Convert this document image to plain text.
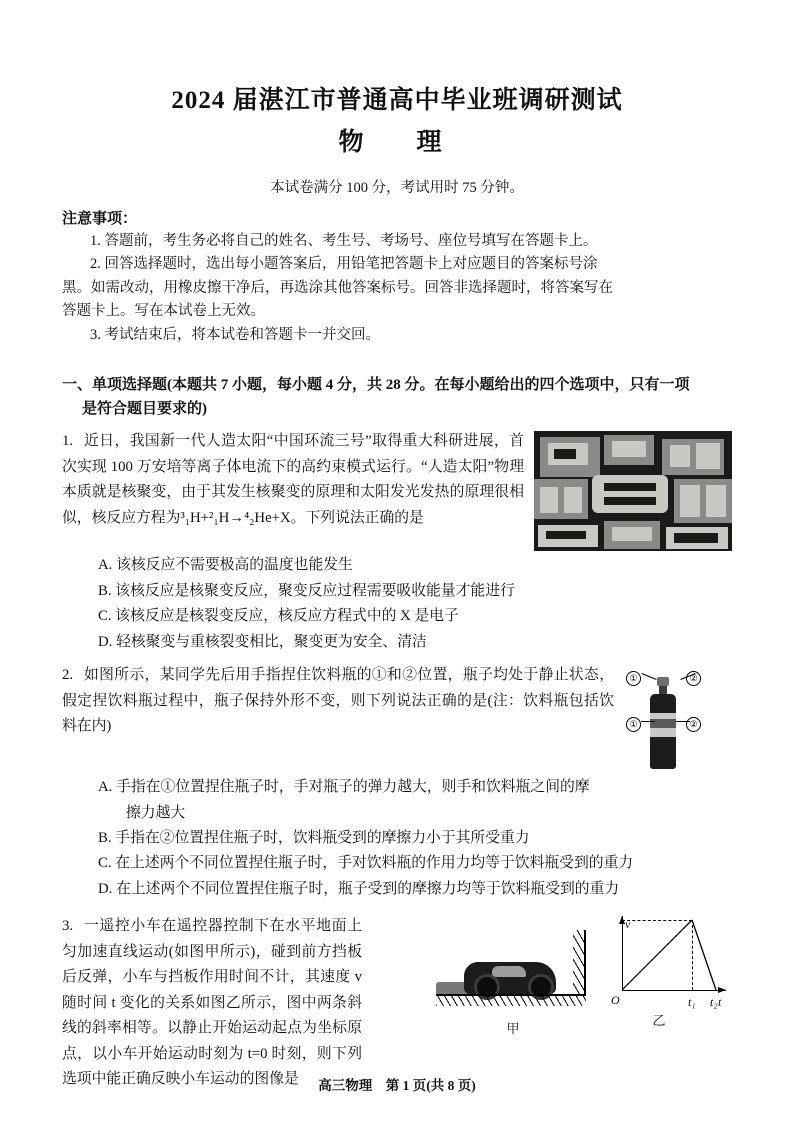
2024 届湛江市普通高中毕业班调研测试
物　理
本试卷满分 100 分，考试用时 75 分钟。
注意事项：

1. 答题前，考生务必将自己的姓名、考生号、考场号、座位号填写在答题卡上。

2. 回答选择题时，选出每小题答案后，用铅笔把答题卡上对应题目的答案标号涂

黑。如需改动，用橡皮擦干净后，再选涂其他答案标号。回答非选择题时，将答案写在

答题卡上。写在本试卷上无效。

3. 考试结束后，将本试卷和答题卡一并交回。

一、单项选择题(本题共 7 小题，每小题 4 分，共 28 分。在每小题给出的四个选项中，只有一项
是符合题目要求的)
1. 近日，我国新一代人造太阳“中国环流三号”取得重大科研进展，首次实现 100 万安培等离子体电流下的高约束模式运行。“人造太阳”物理本质就是核聚变，由于其发生核聚变的原理和太阳发光发热的原理很相似，核反应方程为³₁H+²₁H→⁴₂He+X。下列说法正确的是
A. 该核反应不需要极高的温度也能发生
B. 该核反应是核聚变反应，聚变反应过程需要吸收能量才能进行
C. 该核反应是核裂变反应，核反应方程式中的 X 是电子
D. 轻核聚变与重核裂变相比，聚变更为安全、清洁
①	②
①	②
2. 如图所示，某同学先后用手指捏住饮料瓶的①和②位置，瓶子均处于静止状态，假定捏饮料瓶过程中，瓶子保持外形不变，则下列说法正确的是(注：饮料瓶包括饮料在内)
A. 手指在①位置捏住瓶子时，手对瓶子的弹力越大，则手和饮料瓶之间的摩
擦力越大
B. 手指在②位置捏住瓶子时，饮料瓶受到的摩擦力小于其所受重力
C. 在上述两个不同位置捏住瓶子时，手对饮料瓶的作用力均等于饮料瓶受到的重力
D. 在上述两个不同位置捏住瓶子时，瓶子受到的摩擦力均等于饮料瓶受到的重力
甲
v
t
O	t₁ t₂
乙
3. 一遥控小车在遥控器控制下在水平地面上匀加速直线运动(如图甲所示)，碰到前方挡板后反弹，小车与挡板作用时间不计，其速度 v 随时间 t 变化的关系如图乙所示，图中两条斜线的斜率相等。以静止开始运动起点为坐标原点，以小车开始运动时刻为 t=0 时刻，则下列选项中能正确反映小车运动的图像是	高三物理　第 1 页(共 8 页)
